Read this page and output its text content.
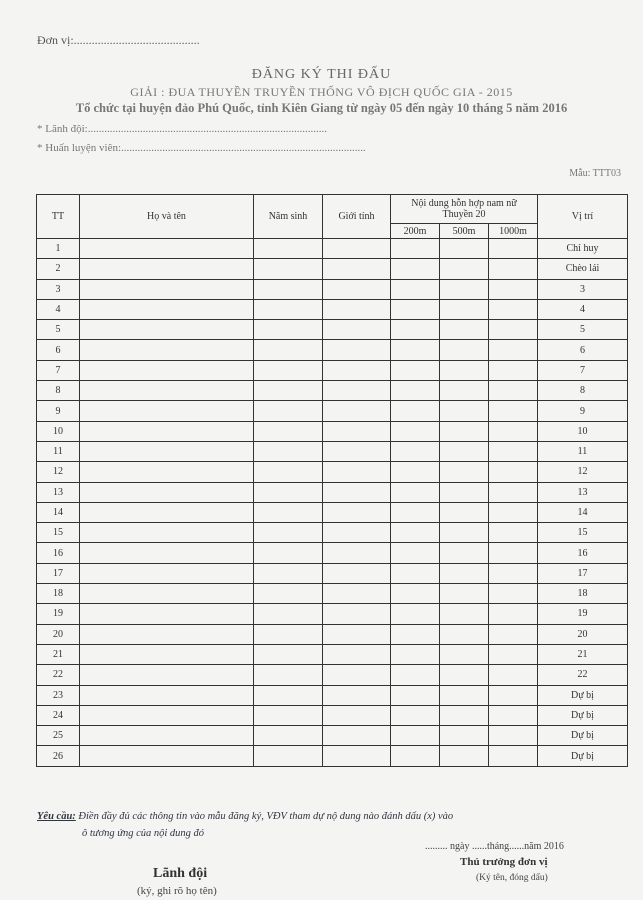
Đơn vị:..........................................
ĐĂNG KÝ THI ĐẤU
GIẢI : ĐUA THUYỀN TRUYỀN THỐNG VÔ ĐỊCH QUỐC GIA - 2015
Tổ chức tại huyện đảo Phú Quốc, tỉnh Kiên Giang từ ngày 05 đến ngày 10 tháng 5 năm 2016
* Lãnh đội:.......................................................................................
* Huấn luyện viên:.........................................................................................
Mẫu: TTT03
TT	Họ và tên	Năm sinh	Giới tính	Nội dung hỗn hợp nam nữ Thuyền 20			Vị trí
				200m	500m	1000m	
1							Chỉ huy
2							Chèo lái
3							3
4							4
5							5
6							6
7							7
8							8
9							9
10							10
11							11
12							12
13							13
14							14
15							15
16							16
17							17
18							18
19							19
20							20
21							21
22							22
23							Dự bị
24							Dự bị
25							Dự bị
26							Dự bị
Yêu cầu: Điền đầy đủ các thông tin vào mẫu đăng ký, VĐV tham dự nộ dung nào đánh dấu (x) vào
ô tương ứng của nội dung đó
......... ngày ......tháng......năm 2016
Thủ trưởng đơn vị
(Ký tên, đóng dấu)
Lãnh đội
(ký, ghi rõ họ tên)
